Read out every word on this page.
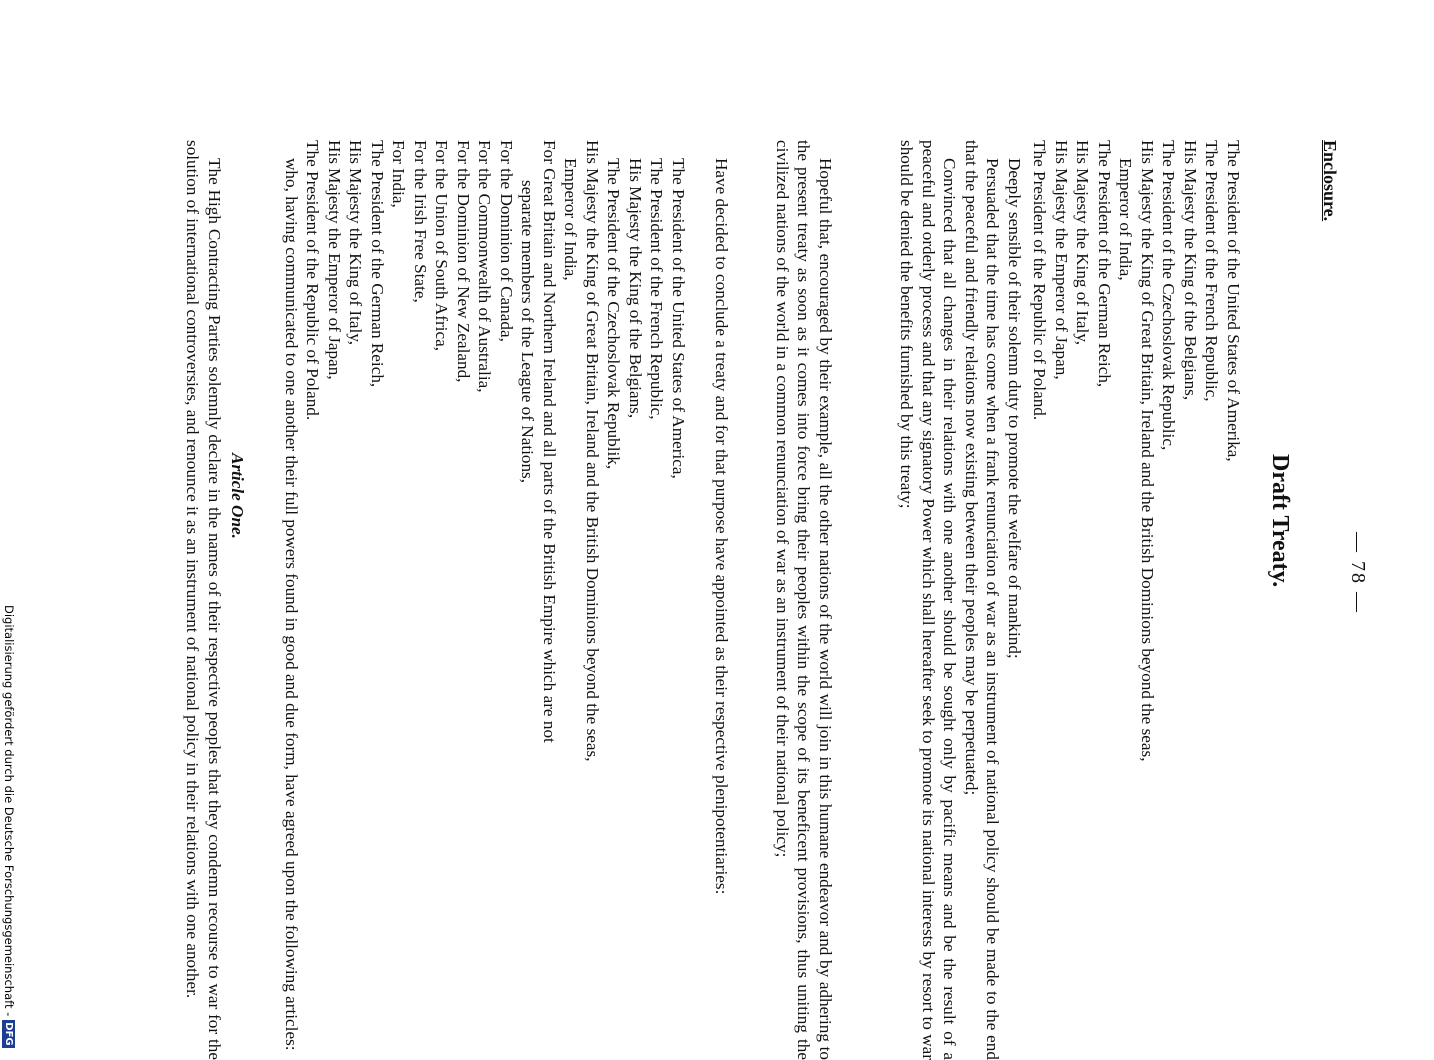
— 78 —
Enclosure.
Draft Treaty.
The President of the United States of Amerika,
The President of the French Republic,
His Majesty the King of the Belgians,
The President of the Czechoslovak Republic,
His Majesty the King of Great Britain, Ireland and the British Dominions beyond the seas,
Emperor of India,
The President of the German Reich,
His Majesty the King of Italy,
His Majesty the Emperor of Japan,
The President of the Republic of Poland.
Deeply sensible of their solemn duty to promote the welfare of mankind;
Persuaded that the time has come when a frank renunciation of war as an instrument of national policy should be made to the end that the peaceful and friendly relations now existing between their peoples may be perpetuated;
Convinced that all changes in their relations with one another should be sought only by pacific means and be the result of a peaceful and orderly process and that any signatory Power which shall hereafter seek to promote its national interests by resort to war should be denied the benefits furnished by this treaty;
Hopeful that, encouraged by their example, all the other nations of the world will join in this humane endeavor and by adhering to the present treaty as soon as it comes into force bring their peoples within the scope of its beneficent provisions, thus uniting the civilized nations of the world in a common renunciation of war as an instrument of their national policy;
Have decided to conclude a treaty and for that purpose have appointed as their respective plenipotentiaries:
The President of the United States of America,
The President of the French Republic,
His Majesty the King of the Belgians,
The President of the Czechoslovak Republik,
His Majesty the King of Great Britain, Ireland and the British Dominions beyond the seas,
Emperor of India,
For Great Britain and Northern Ireland and all parts of the British Empire which are not
separate members of the League of Nations,
For the Dominion of Canada,
For the Commonwealth of Australia,
For the Dominion of New Zealand,
For the Union of South Africa,
For the Irish Free State,
For India,
The President of the German Reich,
His Majesty the King of Italy,
His Majesty the Emperor of Japan,
The President of the Republic of Poland.
who, having communicated to one another their full powers found in good and due form, have agreed upon the following articles:
Article One.
The High Contracting Parties solemnly declare in the names of their respective peoples that they condemn recourse to war for the solution of international controversies, and renounce it as an instrument of national policy in their relations with one another.
Digitalisierung gefördert durch die Deutsche Forschungsgemeinschaft -
DFG
